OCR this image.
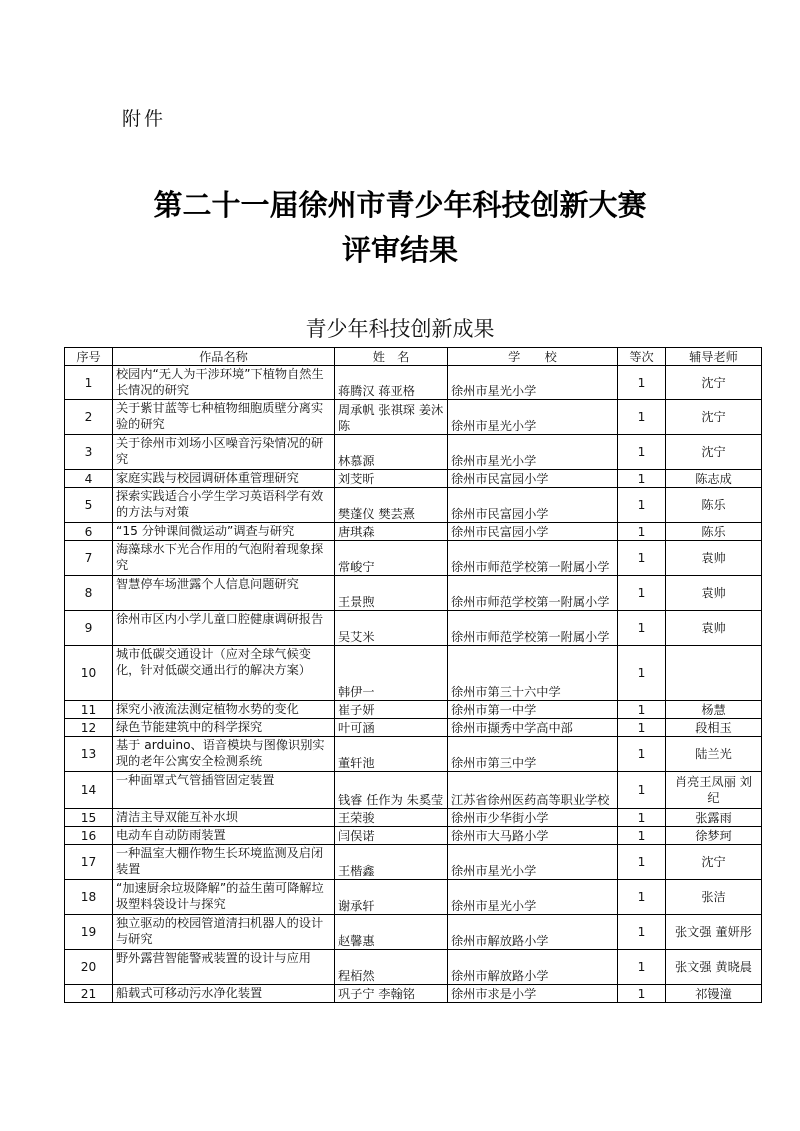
附件
第二十一届徐州市青少年科技创新大赛
评审结果
青少年科技创新成果
序号	作品名称	姓　名	学　　校	等次	辅导老师
1	校园内“无人为干涉环境”下植物自然生长情况的研究	蒋腾汉 蒋亚格	徐州市星光小学	1	沈宁
2	关于紫甘蓝等七种植物细胞质壁分离实验的研究	周承帆 张祺琛 姜沐陈	徐州市星光小学	1	沈宁
3	关于徐州市刘场小区噪音污染情况的研究	林慕源	徐州市星光小学	1	沈宁
4	家庭实践与校园调研体重管理研究	刘芠昕	徐州市民富园小学	1	陈志成
5	探索实践适合小学生学习英语科学有效的方法与对策	樊蓬仪 樊芸熹	徐州市民富园小学	1	陈乐
6	“15 分钟课间微运动”调查与研究	唐琪森	徐州市民富园小学	1	陈乐
7	海藻球水下光合作用的气泡附着现象探究	常峻宁	徐州市师范学校第一附属小学	1	袁帅
8	智慧停车场泄露个人信息问题研究	王景煦	徐州市师范学校第一附属小学	1	袁帅
9	徐州市区内小学儿童口腔健康调研报告	吴艾米	徐州市师范学校第一附属小学	1	袁帅
10	城市低碳交通设计（应对全球气候变化，针对低碳交通出行的解决方案）	韩伊一	徐州市第三十六中学	1	
11	探究小液流法测定植物水势的变化	崔子妍	徐州市第一中学	1	杨慧
12	绿色节能建筑中的科学探究	叶可涵	徐州市撷秀中学高中部	1	段相玉
13	基于 arduino、语音模块与图像识别实现的老年公寓安全检测系统	董轩池	徐州市第三中学	1	陆兰光
14	一种面罩式气管插管固定装置	钱睿 任作为 朱奚莹	江苏省徐州医药高等职业学校	1	肖亮王凤丽 刘纪
15	清洁主导双能互补水坝	王荣骏	徐州市少华街小学	1	张露雨
16	电动车自动防雨装置	闫俣诺	徐州市大马路小学	1	徐梦珂
17	一种温室大棚作物生长环境监测及启闭装置	王楷鑫	徐州市星光小学	1	沈宁
18	“加速厨余垃圾降解”的益生菌可降解垃圾塑料袋设计与探究	谢承轩	徐州市星光小学	1	张洁
19	独立驱动的校园管道清扫机器人的设计与研究	赵馨惠	徐州市解放路小学	1	张文强 董妍彤
20	野外露营智能警戒装置的设计与应用	程栢然	徐州市解放路小学	1	张文强 黄晓晨
21	船载式可移动污水净化装置	巩子宁 李翰铭	徐州市求是小学	1	祁镘潼
